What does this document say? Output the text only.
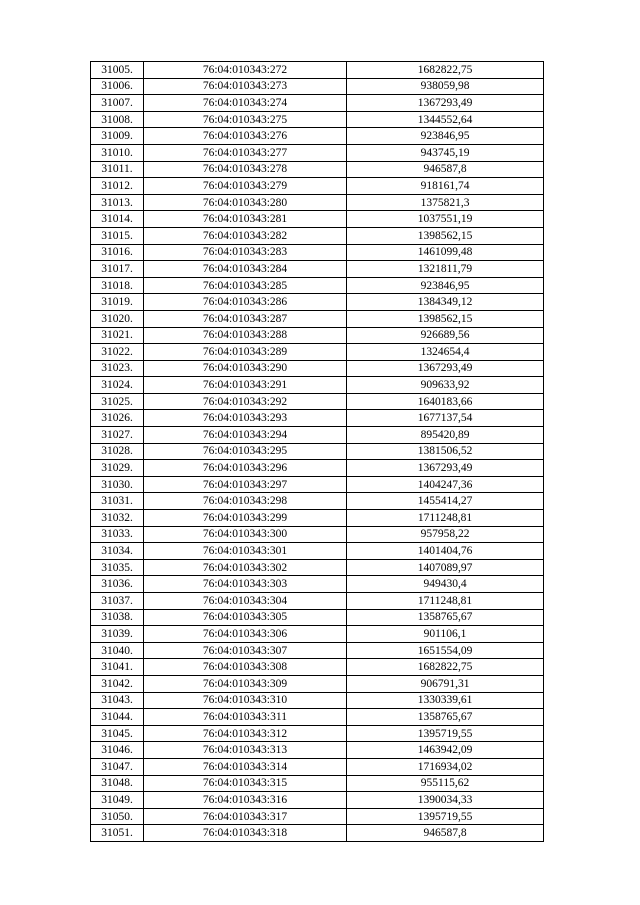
31005.	76:04:010343:272	1682822,75
31006.	76:04:010343:273	938059,98
31007.	76:04:010343:274	1367293,49
31008.	76:04:010343:275	1344552,64
31009.	76:04:010343:276	923846,95
31010.	76:04:010343:277	943745,19
31011.	76:04:010343:278	946587,8
31012.	76:04:010343:279	918161,74
31013.	76:04:010343:280	1375821,3
31014.	76:04:010343:281	1037551,19
31015.	76:04:010343:282	1398562,15
31016.	76:04:010343:283	1461099,48
31017.	76:04:010343:284	1321811,79
31018.	76:04:010343:285	923846,95
31019.	76:04:010343:286	1384349,12
31020.	76:04:010343:287	1398562,15
31021.	76:04:010343:288	926689,56
31022.	76:04:010343:289	1324654,4
31023.	76:04:010343:290	1367293,49
31024.	76:04:010343:291	909633,92
31025.	76:04:010343:292	1640183,66
31026.	76:04:010343:293	1677137,54
31027.	76:04:010343:294	895420,89
31028.	76:04:010343:295	1381506,52
31029.	76:04:010343:296	1367293,49
31030.	76:04:010343:297	1404247,36
31031.	76:04:010343:298	1455414,27
31032.	76:04:010343:299	1711248,81
31033.	76:04:010343:300	957958,22
31034.	76:04:010343:301	1401404,76
31035.	76:04:010343:302	1407089,97
31036.	76:04:010343:303	949430,4
31037.	76:04:010343:304	1711248,81
31038.	76:04:010343:305	1358765,67
31039.	76:04:010343:306	901106,1
31040.	76:04:010343:307	1651554,09
31041.	76:04:010343:308	1682822,75
31042.	76:04:010343:309	906791,31
31043.	76:04:010343:310	1330339,61
31044.	76:04:010343:311	1358765,67
31045.	76:04:010343:312	1395719,55
31046.	76:04:010343:313	1463942,09
31047.	76:04:010343:314	1716934,02
31048.	76:04:010343:315	955115,62
31049.	76:04:010343:316	1390034,33
31050.	76:04:010343:317	1395719,55
31051.	76:04:010343:318	946587,8
